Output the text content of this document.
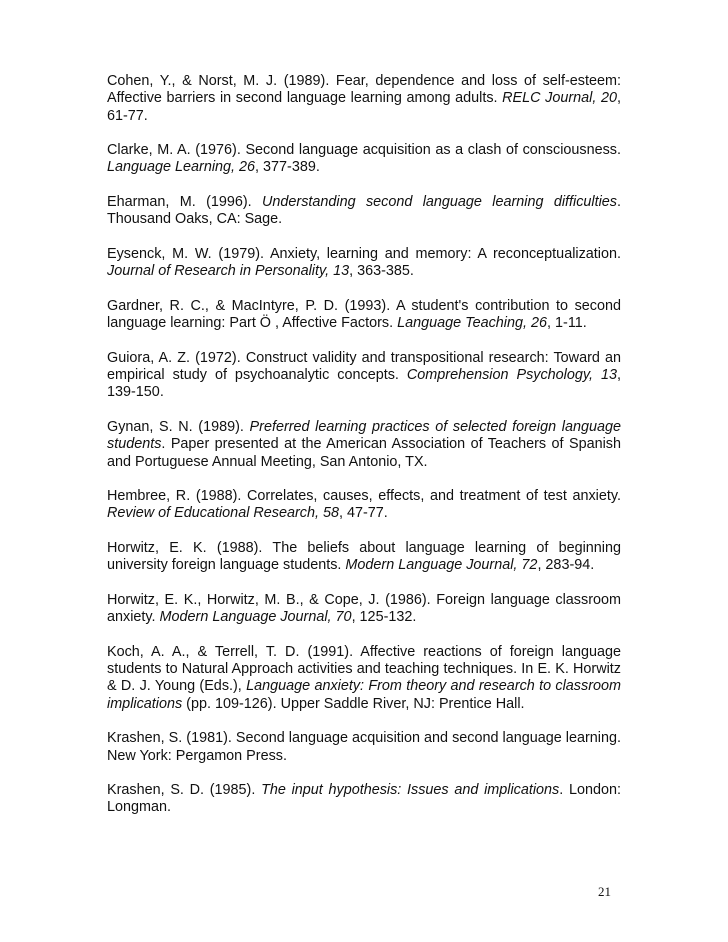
Cohen, Y., & Norst, M. J. (1989). Fear, dependence and loss of self-esteem: Affective barriers in second language learning among adults. RELC Journal, 20, 61-77.

Clarke, M. A. (1976). Second language acquisition as a clash of consciousness. Language Learning, 26, 377-389.

Eharman, M. (1996). Understanding second language learning difficulties. Thousand Oaks, CA: Sage.

Eysenck, M. W. (1979). Anxiety, learning and memory: A reconceptualization. Journal of Research in Personality, 13, 363-385.

Gardner, R. C., & MacIntyre, P. D. (1993). A student's contribution to second language learning: Part Ö , Affective Factors. Language Teaching, 26, 1-11.

Guiora, A. Z. (1972). Construct validity and transpositional research: Toward an empirical study of psychoanalytic concepts. Comprehension Psychology, 13, 139-150.

Gynan, S. N. (1989). Preferred learning practices of selected foreign language students. Paper presented at the American Association of Teachers of Spanish and Portuguese Annual Meeting, San Antonio, TX.

Hembree, R. (1988). Correlates, causes, effects, and treatment of test anxiety. Review of Educational Research, 58, 47-77.

Horwitz, E. K. (1988). The beliefs about language learning of beginning university foreign language students. Modern Language Journal, 72, 283-94.

Horwitz, E. K., Horwitz, M. B., & Cope, J. (1986). Foreign language classroom anxiety. Modern Language Journal, 70, 125-132.

Koch, A. A., & Terrell, T. D. (1991). Affective reactions of foreign language students to Natural Approach activities and teaching techniques. In E. K. Horwitz & D. J. Young (Eds.), Language anxiety: From theory and research to classroom implications (pp. 109-126). Upper Saddle River, NJ: Prentice Hall.

Krashen, S. (1981). Second language acquisition and second language learning. New York: Pergamon Press.

Krashen, S. D. (1985). The input hypothesis: Issues and implications. London: Longman.

21
